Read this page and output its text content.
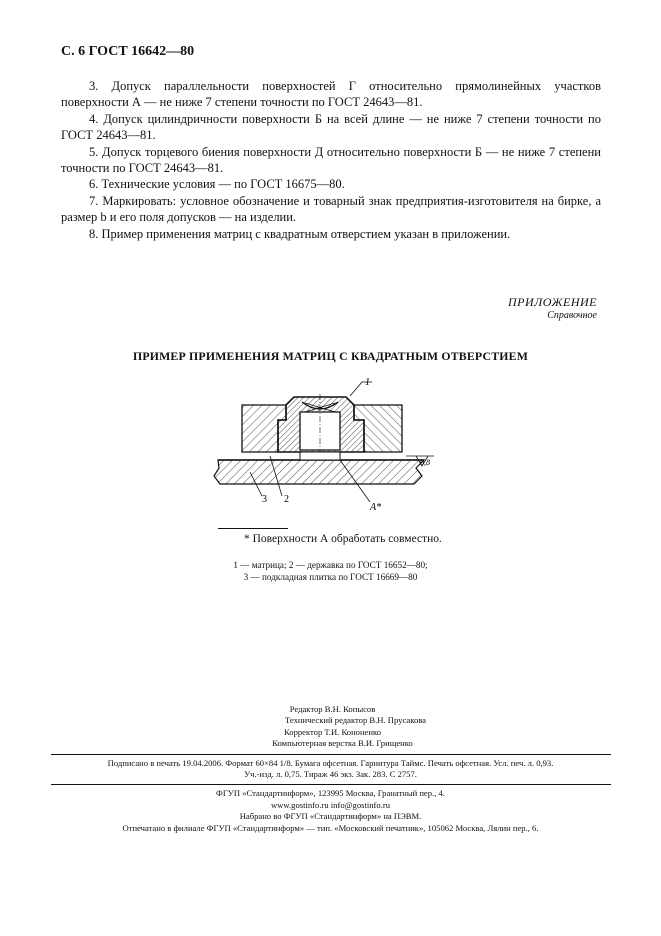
С. 6 ГОСТ 16642—80

3. Допуск параллельности поверхностей Г относительно прямолинейных участков поверхности А — не ниже 7 степени точности по ГОСТ 24643—81.

4. Допуск цилиндричности поверхности Б на всей длине — не ниже 7 степени точности по ГОСТ 24643—81.

5. Допуск торцевого биения поверхности Д относительно поверхности Б — не ниже 7 степени точности по ГОСТ 24643—81.

6. Технические условия — по ГОСТ 16675—80.

7. Маркировать: условное обозначение и товарный знак предприятия-изготовителя на бирке, а размер b и его поля допусков — на изделии.

8. Пример применения матриц с квадратным отверстием указан в приложении.

ПРИЛОЖЕНИЕ
Справочное
ПРИМЕР ПРИМЕНЕНИЯ МАТРИЦ С КВАДРАТНЫМ ОТВЕРСТИЕМ
1
2
3
А*
0,8
* Поверхности А обработать совместно.
1 — матрица; 2 — державка по ГОСТ 16652—80;
3 — подкладная плитка по ГОСТ 16669—80
Редактор В.Н. Копысов
Технический редактор В.Н. Прусакова
Корректор Т.И. Кононенко
Компьютерная верстка В.И. Грищенко
Подписано в печать 19.04.2006. Формат 60×84 1/8. Бумага офсетная. Гарнитура Таймс. Печать офсетная. Усл. печ. л. 0,93.
Уч.-изд. л. 0,75. Тираж 46 экз. Зак. 283. С 2757.
ФГУП «Стандартинформ», 123995 Москва, Гранатный пер., 4.
www.gostinfo.ru info@gostinfo.ru
Набрано во ФГУП «Стандартинформ» на ПЭВМ.
Отпечатано в филиале ФГУП «Стандартинформ» — тип. «Московский печатник», 105062 Москва, Лялин пер., 6.
